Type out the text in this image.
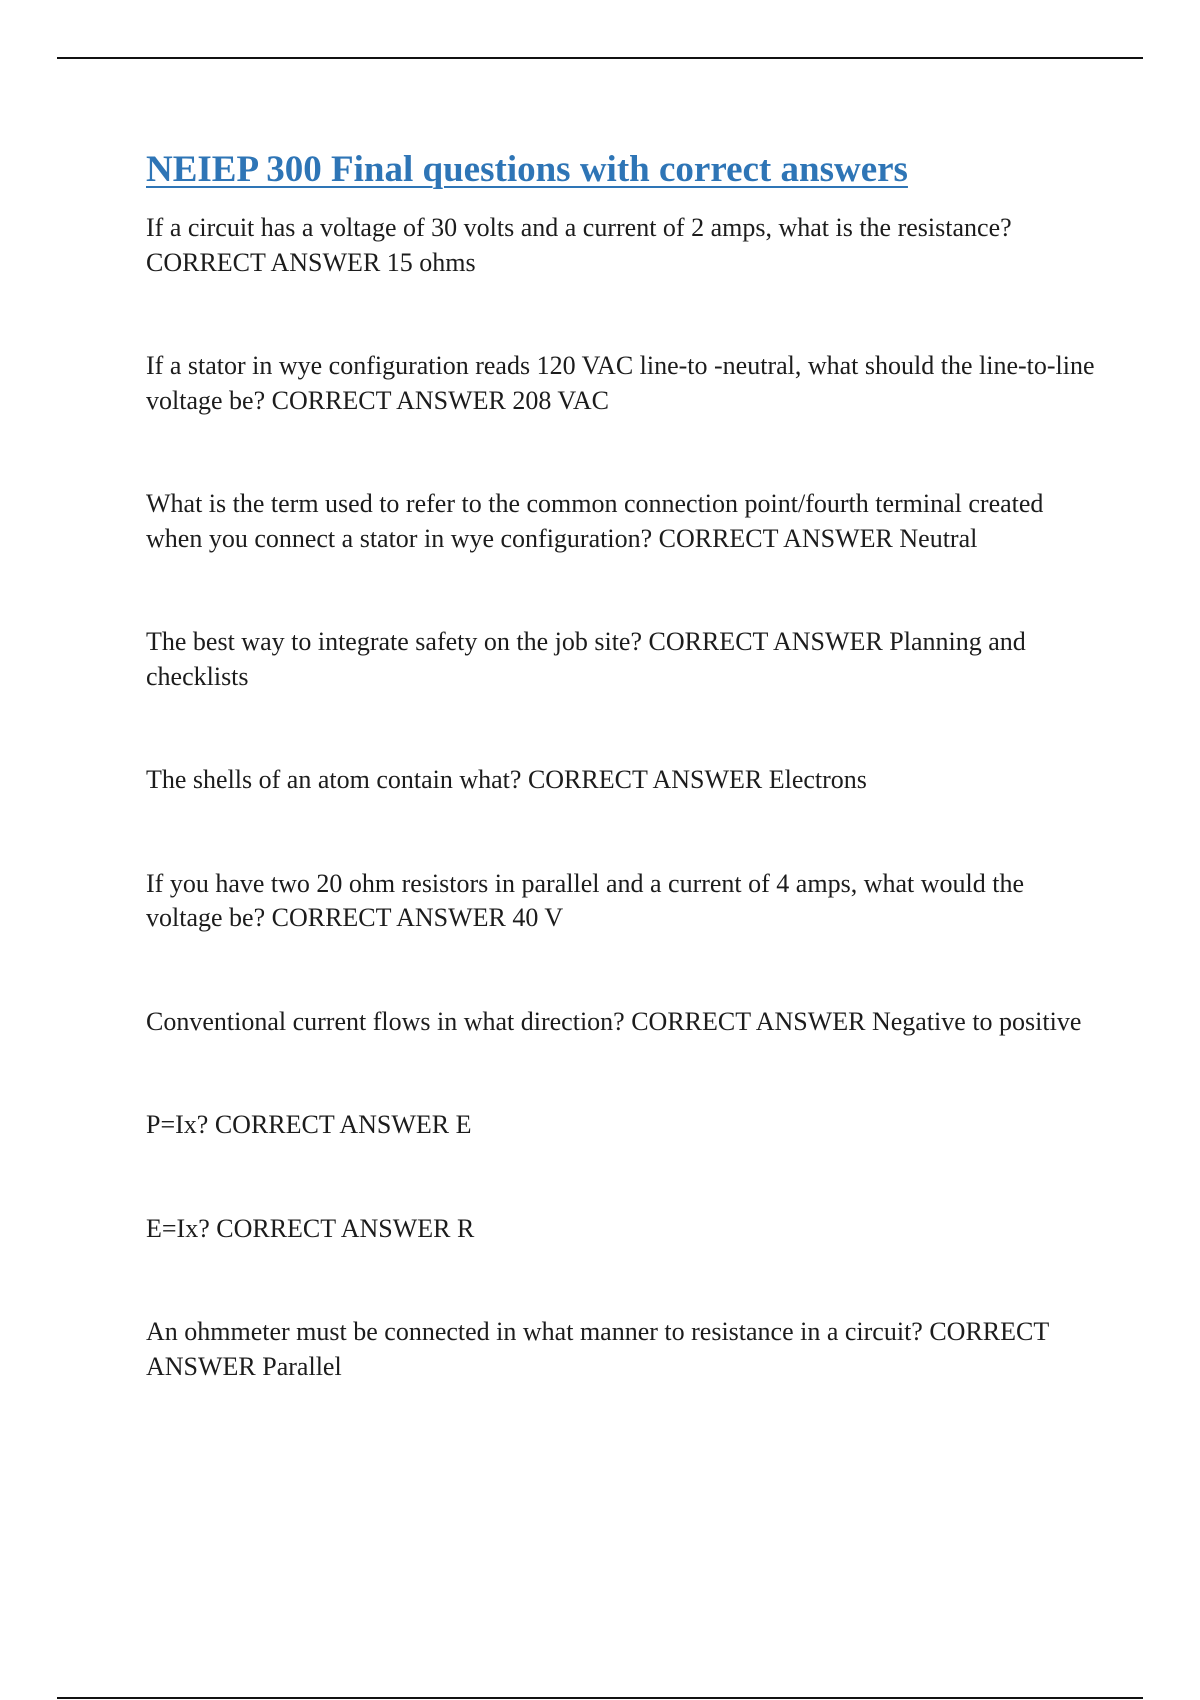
NEIEP 300 Final questions with correct answers
If a circuit has a voltage of 30 volts and a current of 2 amps, what is the resistance? CORRECT ANSWER 15 ohms
If a stator in wye configuration reads 120 VAC line-to -neutral, what should the line-to-line voltage be? CORRECT ANSWER 208 VAC
What is the term used to refer to the common connection point/fourth terminal created when you connect a stator in wye configuration? CORRECT ANSWER Neutral
The best way to integrate safety on the job site? CORRECT ANSWER Planning and checklists
The shells of an atom contain what? CORRECT ANSWER Electrons
If you have two 20 ohm resistors in parallel and a current of 4 amps, what would the voltage be? CORRECT ANSWER 40 V
Conventional current flows in what direction? CORRECT ANSWER Negative to positive
P=Ix? CORRECT ANSWER E
E=Ix? CORRECT ANSWER R
An ohmmeter must be connected in what manner to resistance in a circuit? CORRECT ANSWER Parallel
